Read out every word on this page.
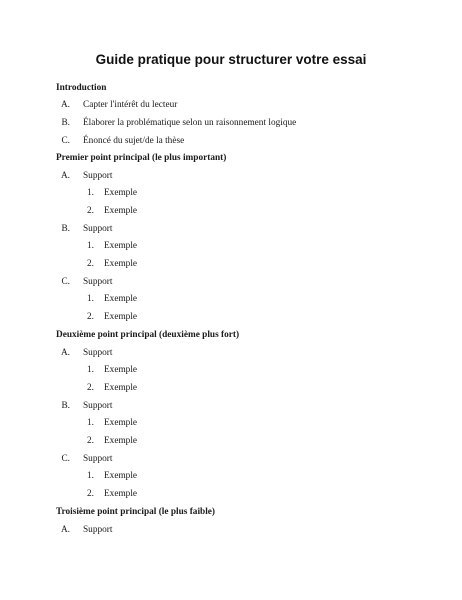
Guide pratique pour structurer votre essai
Introduction
A. Capter l'intérêt du lecteur
B. Élaborer la problématique selon un raisonnement logique
C. Énoncé du sujet/de la thèse
Premier point principal (le plus important)
A. Support
1. Exemple
2. Exemple
B. Support
1. Exemple
2. Exemple
C. Support
1. Exemple
2. Exemple
Deuxième point principal (deuxième plus fort)
A. Support
1. Exemple
2. Exemple
B. Support
1. Exemple
2. Exemple
C. Support
1. Exemple
2. Exemple
Troisième point principal (le plus faible)
A. Support
